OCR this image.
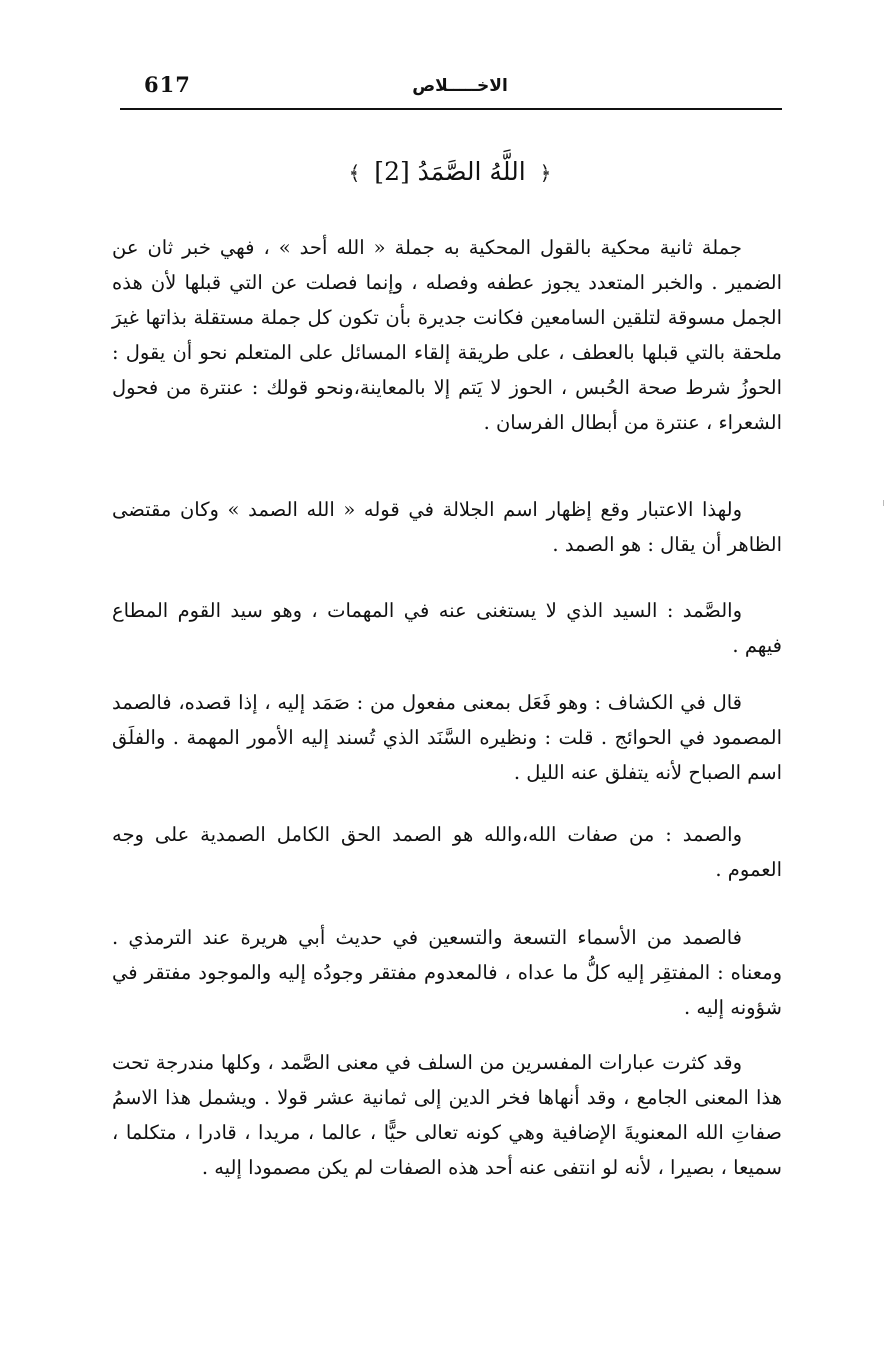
617	الاخـــــلاص
﴿ اللَّهُ الصَّمَدُ [2] ﴾

جملة ثانية محكية بالقول المحكية به جملة « الله أحد » ، فهي خبر ثان عن الضمير . والخبر المتعدد يجوز عطفه وفصله ، وإنما فصلت عن التي قبلها لأن هذه الجمل مسوقة لتلقين السامعين فكانت جديرة بأن تكون كل جملة مستقلة بذاتها غيرَ ملحقة بالتي قبلها بالعطف ، على طريقة إلقاء المسائل على المتعلم نحو أن يقول : الحوزُ شرط صحة الحُبس ، الحوز لا يَتم إلا بالمعاينة،ونحو قولك : عنترة من فحول الشعراء ، عنترة من أبطال الفرسان .

ولهذا الاعتبار وقع إظهار اسم الجلالة في قوله « الله الصمد » وكان مقتضى الظاهر أن يقال : هو الصمد .

والصَّمد : السيد الذي لا يستغنى عنه في المهمات ، وهو سيد القوم المطاع فيهم .

قال في الكشاف : وهو فَعَل بمعنى مفعول من : صَمَد إليه ، إذا قصده، فالصمد المصمود في الحوائج . قلت : ونظيره السَّنَد الذي تُسند إليه الأمور المهمة . والفلَق اسم الصباح لأنه يتفلق عنه الليل .

والصمد : من صفات الله،والله هو الصمد الحق الكامل الصمدية على وجه العموم .

فالصمد من الأسماء التسعة والتسعين في حديث أبي هريرة عند الترمذي . ومعناه : المفتقِر إليه كلُّ ما عداه ، فالمعدوم مفتقر وجودُه إليه والموجود مفتقر في شؤونه إليه .

وقد كثرت عبارات المفسرين من السلف في معنى الصَّمد ، وكلها مندرجة تحت هذا المعنى الجامع ، وقد أنهاها فخر الدين إلى ثمانية عشر قولا . ويشمل هذا الاسمُ صفاتِ الله المعنويةَ الإضافية وهي كونه تعالى حيًّا ، عالما ، مريدا ، قادرا ، متكلما ، سميعا ، بصيرا ، لأنه لو انتفى عنه أحد هذه الصفات لم يكن مصمودا إليه .
